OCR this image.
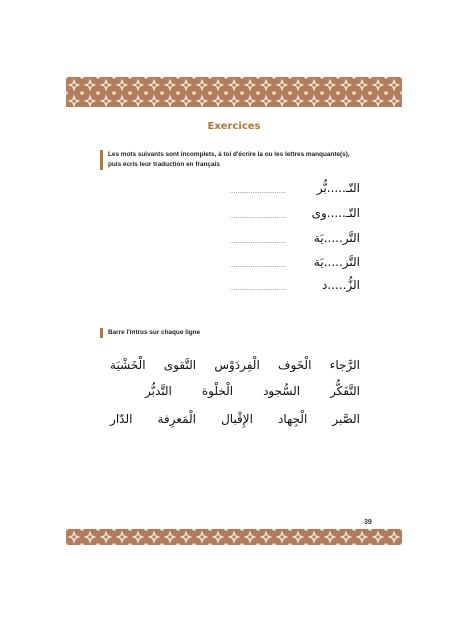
Exercices
Les mots suivants sont incomplets, à toi d'écrire la ou les lettres manquante(s),
puis écris leur traduction en français
..............................	التّـ.....بُّر
.............................. التّـ.....وى
.............................. التَّر.....يَة
.............................. التَّز.....يَة
..............................	الزُّ.....د
Barre l'intrus sur chaque ligne
الرَّجاء
الْخَوف
الْفِردَوْس
التَّقوى
الْخَشْيَة
التَّفَكُّر
السُّجود
الْخلْوة
التَّدبُّر
الصَّبر
الْجِهاد
الإِقْبال
الْمَعرِفة
الدّار
39
